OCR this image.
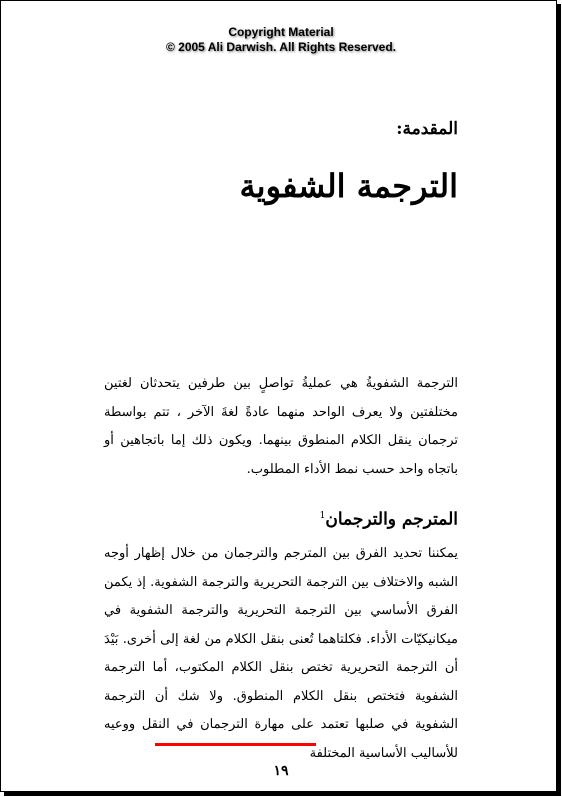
Copyright Material
© 2005 Ali Darwish. All Rights Reserved.
المقدمة:
الترجمة الشفوية
الترجمة الشفويةُ هي عمليةُ تواصلٍ بين طرفين يتحدثان لغتين مختلفتين ولا يعرف الواحد منهما عادةً لغةَ الآخر ، تتم بواسطة ترجمان ينقل الكلام المنطوق بينهما. ويكون ذلك إما باتجاهين أو باتجاه واحد حسب نمط الأداء المطلوب.
المترجم والترجمان$^1$
يمكننا تحديد الفرق بين المترجم والترجمان من خلال إظهار أوجه الشبه والاختلاف بين الترجمة التحريرية والترجمة الشفوية. إذ يكمن الفرق الأساسي بين الترجمة التحريرية والترجمة الشفوية في ميكانيكيّات الأداء. فكلتاهما تُعنى بنقل الكلام من لغة إلى أخرى. بَيْدَ أن الترجمة التحريرية تختص بنقل الكلام المكتوب، أما الترجمة الشفوية فتختص بنقل الكلام المنطوق. ولا شك أن الترجمة الشفوية في صلبها تعتمد على مهارة الترجمان في النقل ووعيه للأساليب الأساسية المختلفة
١٩
